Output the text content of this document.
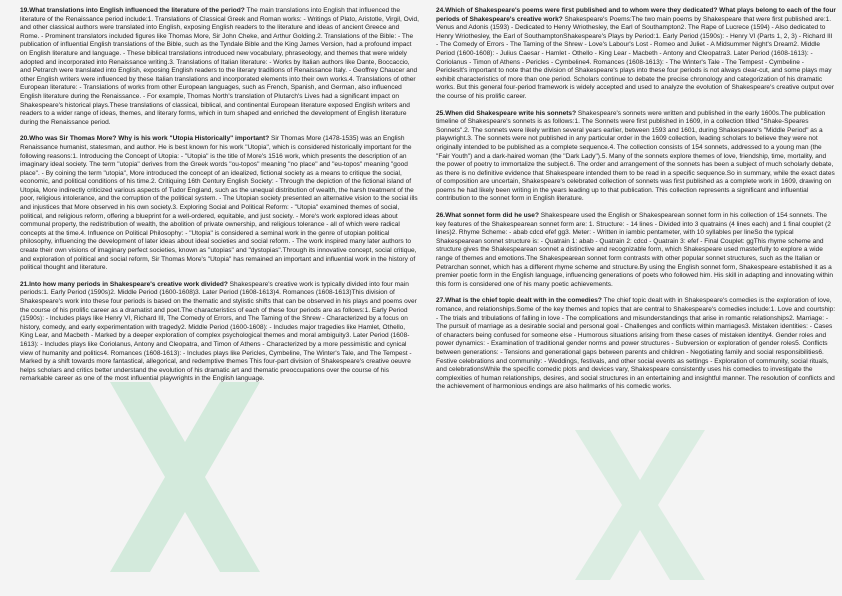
19.What translations into English influenced the literature of the period? The main translations into English that influenced the literature of the Renaissance period include:1. Translations of Classical Greek and Roman works: - Writings of Plato, Aristotle, Virgil, Ovid, and other classical authors were translated into English, exposing English readers to the literature and ideas of ancient Greece and Rome. - Prominent translators included figures like Thomas More, Sir John Cheke, and Arthur Golding.2. Translations of the Bible: - The publication of influential English translations of the Bible, such as the Tyndale Bible and the King James Version, had a profound impact on English literature and language. - These biblical translations introduced new vocabulary, phraseology, and themes that were widely adopted and incorporated into Renaissance writing.3. Translations of Italian literature: - Works by Italian authors like Dante, Boccaccio, and Petrarch were translated into English, exposing English readers to the literary traditions of Renaissance Italy. - Geoffrey Chaucer and other English writers were influenced by these Italian translations and incorporated elements into their own works.4. Translations of other European literature: - Translations of works from other European languages, such as French, Spanish, and German, also influenced English literature during the Renaissance. - For example, Thomas North's translation of Plutarch's Lives had a significant impact on Shakespeare's historical plays.These translations of classical, biblical, and continental European literature exposed English writers and readers to a wider range of ideas, themes, and literary forms, which in turn shaped and enriched the development of English literature during the Renaissance period.

20.Who was Sir Thomas More? Why is his work "Utopia Historically" important? Sir Thomas More (1478-1535) was an English Renaissance humanist, statesman, and author. He is best known for his work "Utopia", which is considered historically important for the following reasons:1. Introducing the Concept of Utopia: - "Utopia" is the title of More's 1516 work, which presents the description of an imaginary ideal society. The term "utopia" derives from the Greek words "ou-topos" meaning "no place" and "eu-topos" meaning "good place". - By coining the term "utopia", More introduced the concept of an idealized, fictional society as a means to critique the social, economic, and political conditions of his time.2. Critiquing 16th Century English Society: - Through the depiction of the fictional island of Utopia, More indirectly criticized various aspects of Tudor England, such as the unequal distribution of wealth, the harsh treatment of the poor, religious intolerance, and the corruption of the political system. - The Utopian society presented an alternative vision to the social ills and injustices that More observed in his own society.3. Exploring Social and Political Reform: - "Utopia" examined themes of social, political, and religious reform, offering a blueprint for a well-ordered, equitable, and just society. - More's work explored ideas about communal property, the redistribution of wealth, the abolition of private ownership, and religious tolerance - all of which were radical concepts at the time.4. Influence on Political Philosophy: - "Utopia" is considered a seminal work in the genre of utopian political philosophy, influencing the development of later ideas about ideal societies and social reform. - The work inspired many later authors to create their own visions of imaginary perfect societies, known as "utopias" and "dystopias".Through its innovative concept, social critique, and exploration of political and social reform, Sir Thomas More's "Utopia" has remained an important and influential work in the history of political thought and literature.

21.Into how many periods in Shakespeare's creative work divided? Shakespeare's creative work is typically divided into four main periods:1. Early Period (1590s)2. Middle Period (1600-1608)3. Later Period (1608-1613)4. Romances (1608-1613)This division of Shakespeare's work into these four periods is based on the thematic and stylistic shifts that can be observed in his plays and poems over the course of his prolific career as a dramatist and poet.The characteristics of each of these four periods are as follows:1. Early Period (1590s): - Includes plays like Henry VI, Richard III, The Comedy of Errors, and The Taming of the Shrew - Characterized by a focus on history, comedy, and early experimentation with tragedy2. Middle Period (1600-1608): - Includes major tragedies like Hamlet, Othello, King Lear, and Macbeth - Marked by a deeper exploration of complex psychological themes and moral ambiguity3. Later Period (1608-1613): - Includes plays like Coriolanus, Antony and Cleopatra, and Timon of Athens - Characterized by a more pessimistic and cynical view of humanity and politics4. Romances (1608-1613): - Includes plays like Pericles, Cymbeline, The Winter's Tale, and The Tempest - Marked by a shift towards more fantastical, allegorical, and redemptive themes This four-part division of Shakespeare's creative oeuvre helps scholars and critics better understand the evolution of his dramatic art and thematic preoccupations over the course of his remarkable career as one of the most influential playwrights in the English language.

24.Which of Shakespeare's poems were first published and to whom were they dedicated? What plays belong to each of the four periods of Shakespeare's creative work? Shakespeare's Poems:The two main poems by Shakespeare that were first published are:1. Venus and Adonis (1593) - Dedicated to Henry Wriothesley, the Earl of Southampton2. The Rape of Lucrece (1594) - Also dedicated to Henry Wriothesley, the Earl of SouthamptonShakespeare's Plays by Period:1. Early Period (1590s): - Henry VI (Parts 1, 2, 3) - Richard III - The Comedy of Errors - The Taming of the Shrew - Love's Labour's Lost - Romeo and Juliet - A Midsummer Night's Dream2. Middle Period (1600-1608): - Julius Caesar - Hamlet - Othello - King Lear - Macbeth - Antony and Cleopatra3. Later Period (1608-1613): - Coriolanus - Timon of Athens - Pericles - Cymbeline4. Romances (1608-1613): - The Winter's Tale - The Tempest - Cymbeline - PericlesIt's important to note that the division of Shakespeare's plays into these four periods is not always clear-cut, and some plays may exhibit characteristics of more than one period. Scholars continue to debate the precise chronology and categorization of his dramatic works. But this general four-period framework is widely accepted and used to analyze the evolution of Shakespeare's creative output over the course of his prolific career.

25.When did Shakespeare write his sonnets? Shakespeare's sonnets were written and published in the early 1600s.The publication timeline of Shakespeare's sonnets is as follows:1. The Sonnets were first published in 1609, in a collection titled "Shake-Speares Sonnets".2. The sonnets were likely written several years earlier, between 1593 and 1601, during Shakespeare's "Middle Period" as a playwright.3. The sonnets were not published in any particular order in the 1609 collection, leading scholars to believe they were not originally intended to be published as a complete sequence.4. The collection consists of 154 sonnets, addressed to a young man (the "Fair Youth") and a dark-haired woman (the "Dark Lady").5. Many of the sonnets explore themes of love, friendship, time, mortality, and the power of poetry to immortalize the subject.6. The order and arrangement of the sonnets has been a subject of much scholarly debate, as there is no definitive evidence that Shakespeare intended them to be read in a specific sequence.So in summary, while the exact dates of composition are uncertain, Shakespeare's celebrated collection of sonnets was first published as a complete work in 1609, drawing on poems he had likely been writing in the years leading up to that publication. This collection represents a significant and influential contribution to the sonnet form in English literature.

26.What sonnet form did he use? Shakespeare used the English or Shakespearean sonnet form in his collection of 154 sonnets. The key features of the Shakespearean sonnet form are: 1. Structure: - 14 lines - Divided into 3 quatrains (4 lines each) and 1 final couplet (2 lines)2. Rhyme Scheme: - abab cdcd efef gg3. Meter: - Written in iambic pentameter, with 10 syllables per lineSo the typical Shakespearean sonnet structure is: - Quatrain 1: abab - Quatrain 2: cdcd - Quatrain 3: efef - Final Couplet: ggThis rhyme scheme and structure gives the Shakespearean sonnet a distinctive and recognizable form, which Shakespeare used masterfully to explore a wide range of themes and emotions.The Shakespearean sonnet form contrasts with other popular sonnet structures, such as the Italian or Petrarchan sonnet, which has a different rhyme scheme and structure.By using the English sonnet form, Shakespeare established it as a premier poetic form in the English language, influencing generations of poets who followed him. His skill in adapting and innovating within this form is considered one of his many poetic achievements.

27.What is the chief topic dealt with in the comedies? The chief topic dealt with in Shakespeare's comedies is the exploration of love, romance, and relationships.Some of the key themes and topics that are central to Shakespeare's comedies include:1. Love and courtship: - The trials and tribulations of falling in love - The complications and misunderstandings that arise in romantic relationships2. Marriage: - The pursuit of marriage as a desirable social and personal goal - Challenges and conflicts within marriages3. Mistaken identities: - Cases of characters being confused for someone else - Humorous situations arising from these cases of mistaken identity4. Gender roles and power dynamics: - Examination of traditional gender norms and power structures - Subversion or exploration of gender roles5. Conflicts between generations: - Tensions and generational gaps between parents and children - Negotiating family and social responsibilities6. Festive celebrations and community: - Weddings, festivals, and other social events as settings - Exploration of community, social rituals, and celebrationsWhile the specific comedic plots and devices vary, Shakespeare consistently uses his comedies to investigate the complexities of human relationships, desires, and social structures in an entertaining and insightful manner. The resolution of conflicts and the achievement of harmonious endings are also hallmarks of his comedic works.
